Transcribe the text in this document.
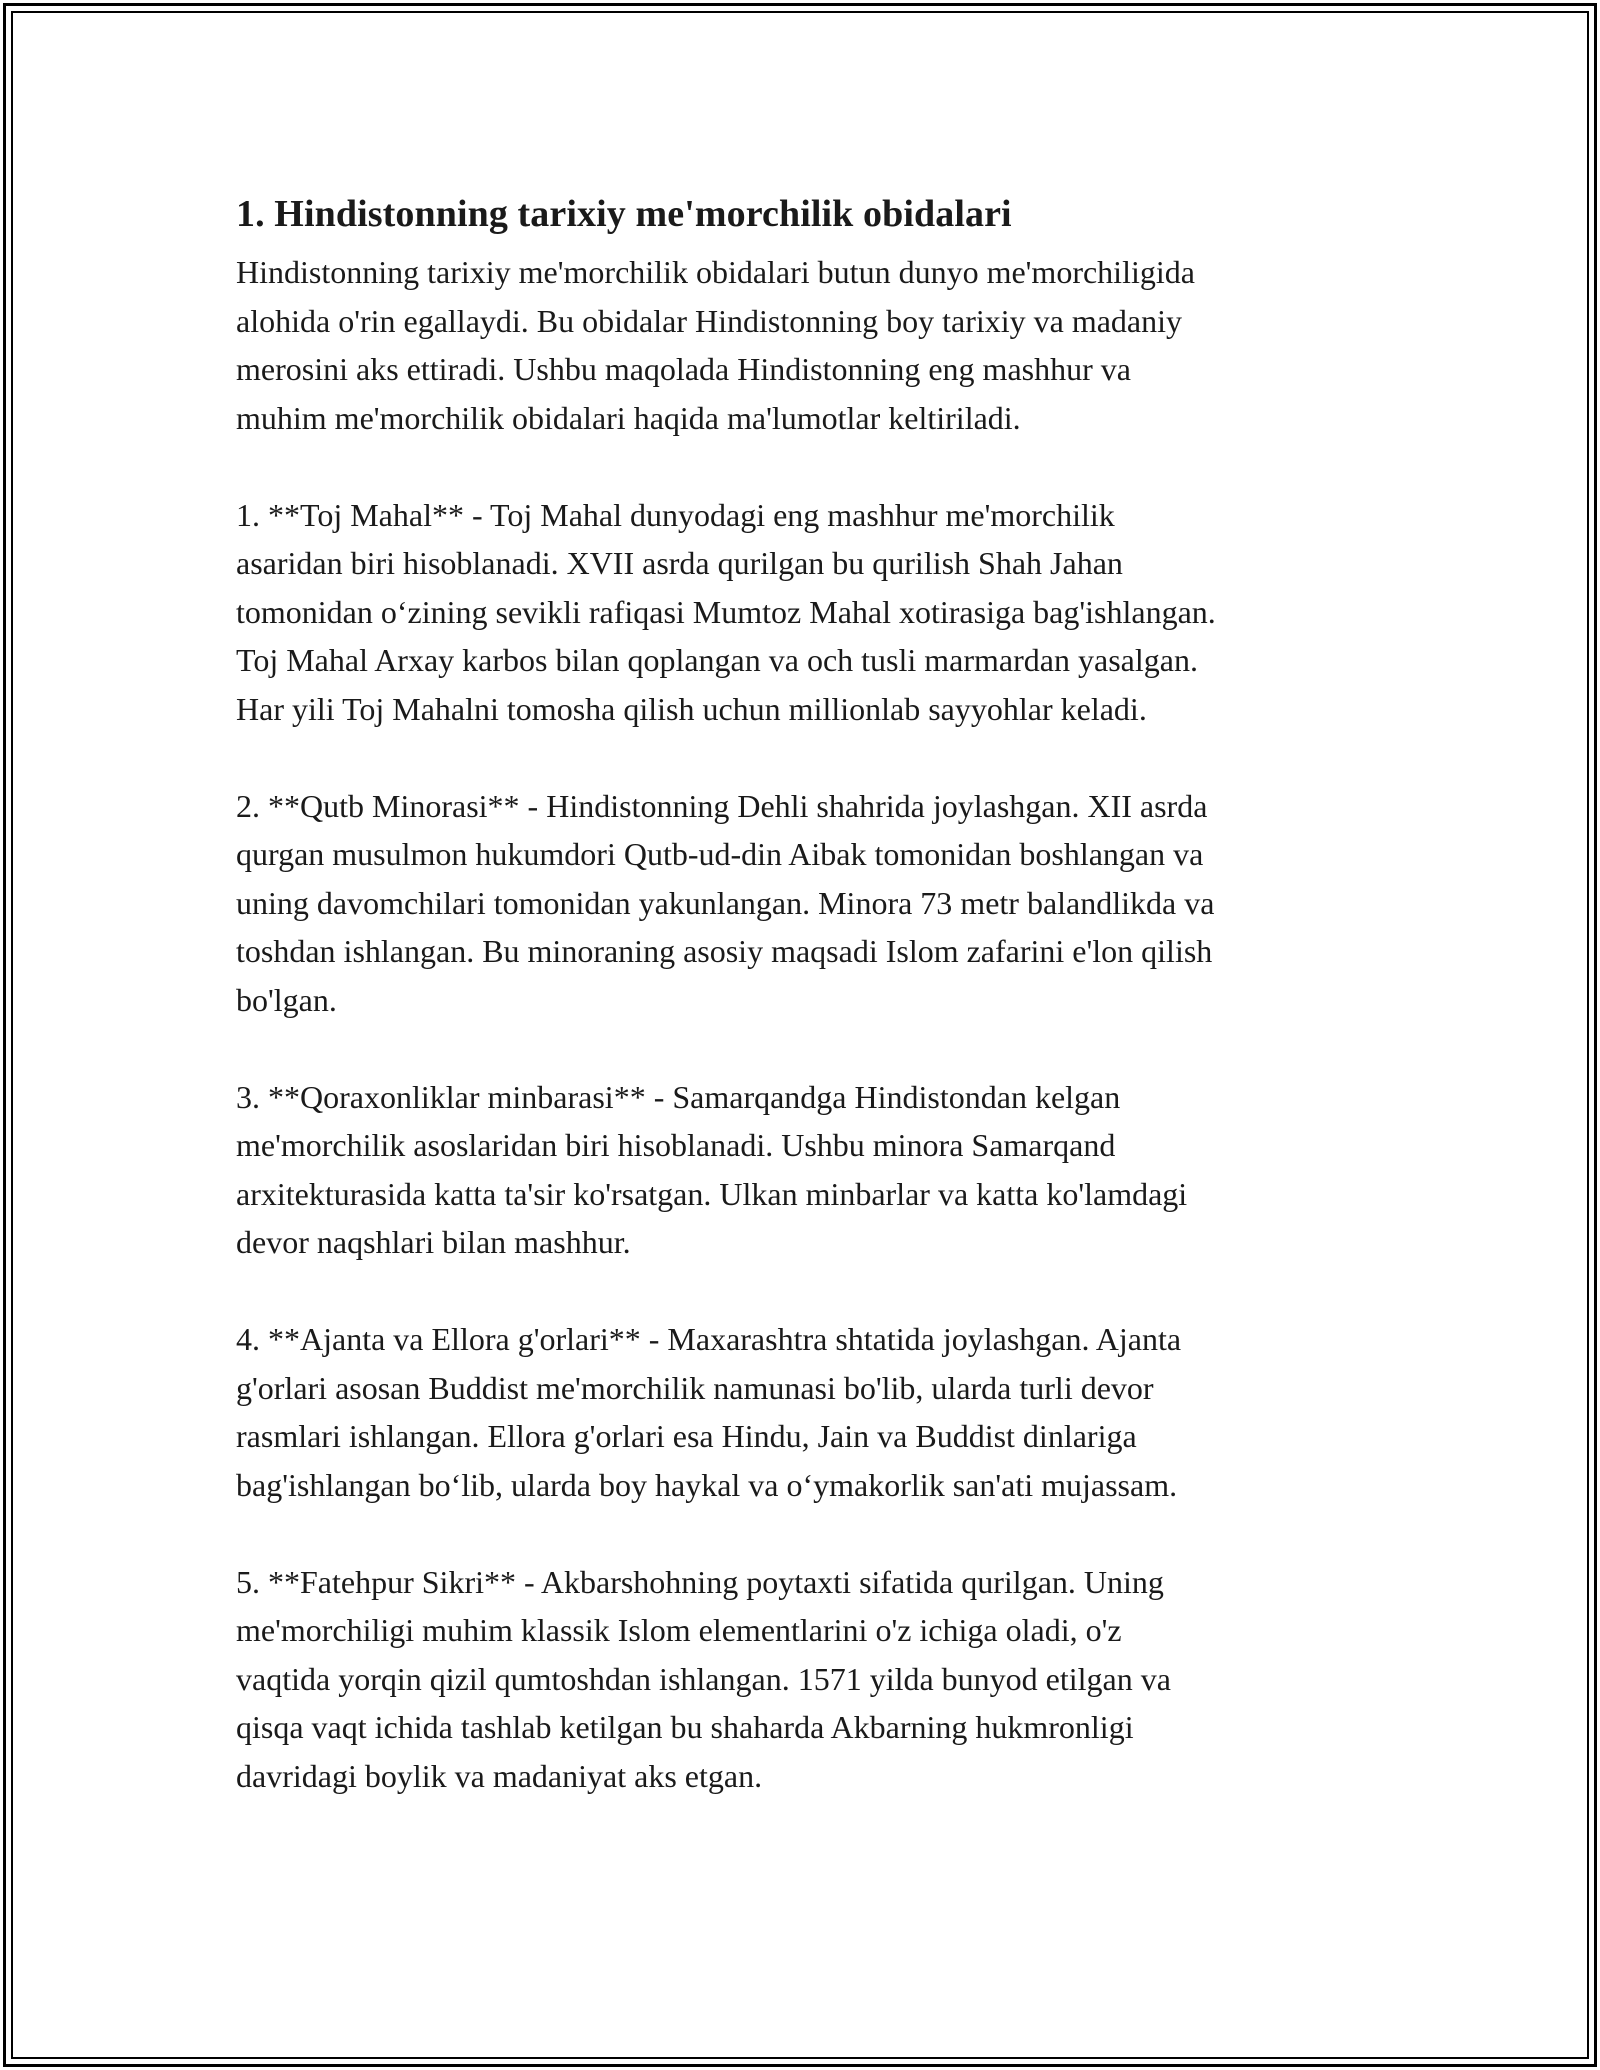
1. Hindistonning tarixiy me'morchilik obidalari
Hindistonning tarixiy me'morchilik obidalari butun dunyo me'morchiligida
alohida o'rin egallaydi. Bu obidalar Hindistonning boy tarixiy va madaniy
merosini aks ettiradi. Ushbu maqolada Hindistonning eng mashhur va
muhim me'morchilik obidalari haqida ma'lumotlar keltiriladi.
1. **Toj Mahal** - Toj Mahal dunyodagi eng mashhur me'morchilik
asaridan biri hisoblanadi. XVII asrda qurilgan bu qurilish Shah Jahan
tomonidan o‘zining sevikli rafiqasi Mumtoz Mahal xotirasiga bag'ishlangan.
Toj Mahal Arxay karbos bilan qoplangan va och tusli marmardan yasalgan.
Har yili Toj Mahalni tomosha qilish uchun millionlab sayyohlar keladi.
2. **Qutb Minorasi** - Hindistonning Dehli shahrida joylashgan. XII asrda
qurgan musulmon hukumdori Qutb-ud-din Aibak tomonidan boshlangan va
uning davomchilari tomonidan yakunlangan. Minora 73 metr balandlikda va
toshdan ishlangan. Bu minoraning asosiy maqsadi Islom zafarini e'lon qilish
bo'lgan.
3. **Qoraxonliklar minbarasi** - Samarqandga Hindistondan kelgan
me'morchilik asoslaridan biri hisoblanadi. Ushbu minora Samarqand
arxitekturasida katta ta'sir ko'rsatgan. Ulkan minbarlar va katta ko'lamdagi
devor naqshlari bilan mashhur.
4. **Ajanta va Ellora g'orlari** - Maxarashtra shtatida joylashgan. Ajanta
g'orlari asosan Buddist me'morchilik namunasi bo'lib, ularda turli devor
rasmlari ishlangan. Ellora g'orlari esa Hindu, Jain va Buddist dinlariga
bag'ishlangan bo‘lib, ularda boy haykal va o‘ymakorlik san'ati mujassam.
5. **Fatehpur Sikri** - Akbarshohning poytaxti sifatida qurilgan. Uning
me'morchiligi muhim klassik Islom elementlarini o'z ichiga oladi, o'z
vaqtida yorqin qizil qumtoshdan ishlangan. 1571 yilda bunyod etilgan va
qisqa vaqt ichida tashlab ketilgan bu shaharda Akbarning hukmronligi
davridagi boylik va madaniyat aks etgan.
